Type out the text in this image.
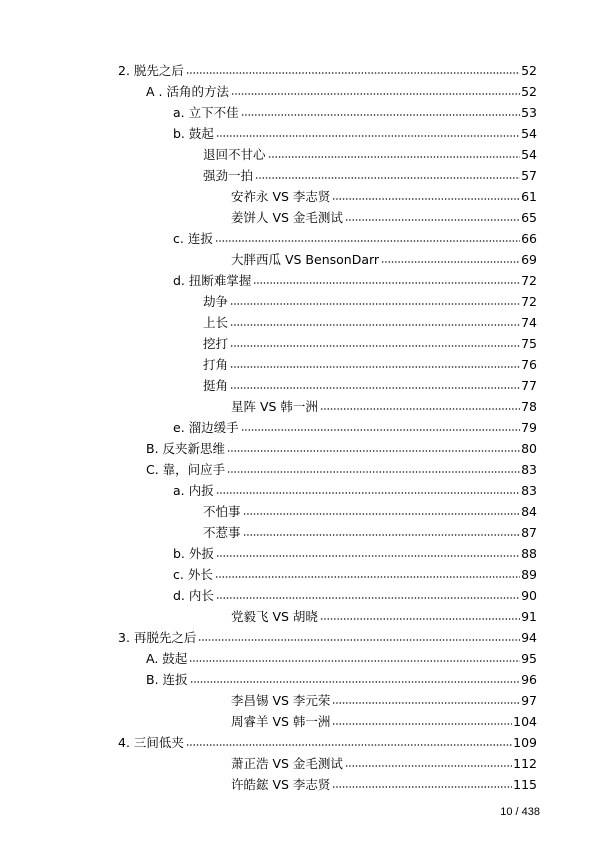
2. 脱先之后	52
A . 活角的方法	52
a. 立下不佳	53
b. 鼓起	54
退回不甘心	54
强劲一拍	57
安祚永 VS 李志贤	61
姜饼人 VS 金毛测试	65
c. 连扳	66
大胖西瓜 VS BensonDarr	69
d. 扭断难掌握	72
劫争	72
上长	74
挖打	75
打角	76
挺角	77
星阵 VS 韩一洲	78
e. 溜边缓手	79
B. 反夹新思维	80
C. 靠，问应手	83
a. 内扳	83
不怕事	84
不惹事	87
b. 外扳	88
c. 外长	89
d. 内长	90
党毅飞 VS 胡晓	91
3. 再脱先之后	94
A. 鼓起	95
B. 连扳	96
李昌锡 VS 李元荣	97
周睿羊 VS 韩一洲	104
4. 三间低夹	109
萧正浩 VS 金毛测试	112
许皓鋐 VS 李志贤	115
10 / 438
